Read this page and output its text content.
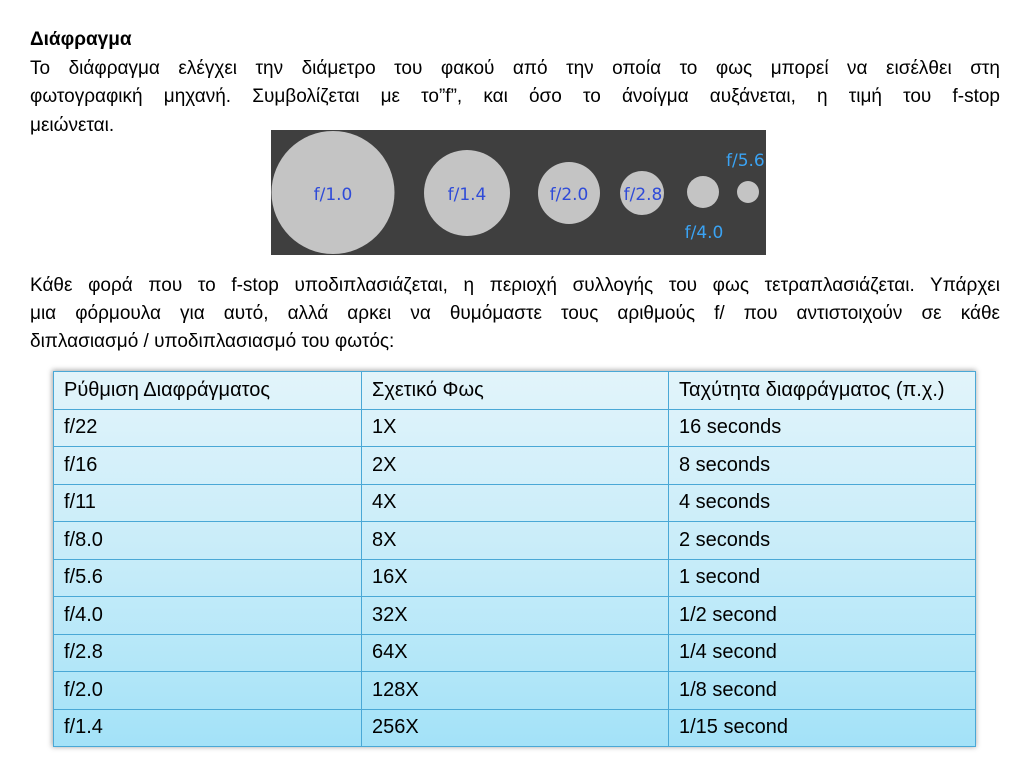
Διάφραγμα
Το διάφραγμα ελέγχει την διάμετρο του φακού από την οποία το φως μπορεί να εισέλθει στη
φωτογραφική μηχανή. Συμβολίζεται με το”f”, και όσο το άνοίγμα αυξάνεται, η τιμή του f-stop
μειώνεται.
f/1.0	f/1.4	f/2.0 f/2.8
f/4.0
f/5.6
Κάθε φορά που το f-stop υποδιπλασιάζεται, η περιοχή συλλογής του φως τετραπλασιάζεται. Υπάρχει
μια φόρμουλα για αυτό, αλλά αρκει να θυμόμαστε τους αριθμούς f/ που αντιστοιχούν σε κάθε
διπλασιασμό / υποδιπλασιασμό του φωτός:
Ρύθμιση Διαφράγματος	Σχετικό Φως	Ταχύτητα διαφράγματος (π.χ.)
f/22	1X	16 seconds
f/16	2X	8 seconds
f/11	4X	4 seconds
f/8.0	8X	2 seconds
f/5.6	16X	1 second
f/4.0	32X	1/2 second
f/2.8	64X	1/4 second
f/2.0	128X	1/8 second
f/1.4	256X	1/15 second
